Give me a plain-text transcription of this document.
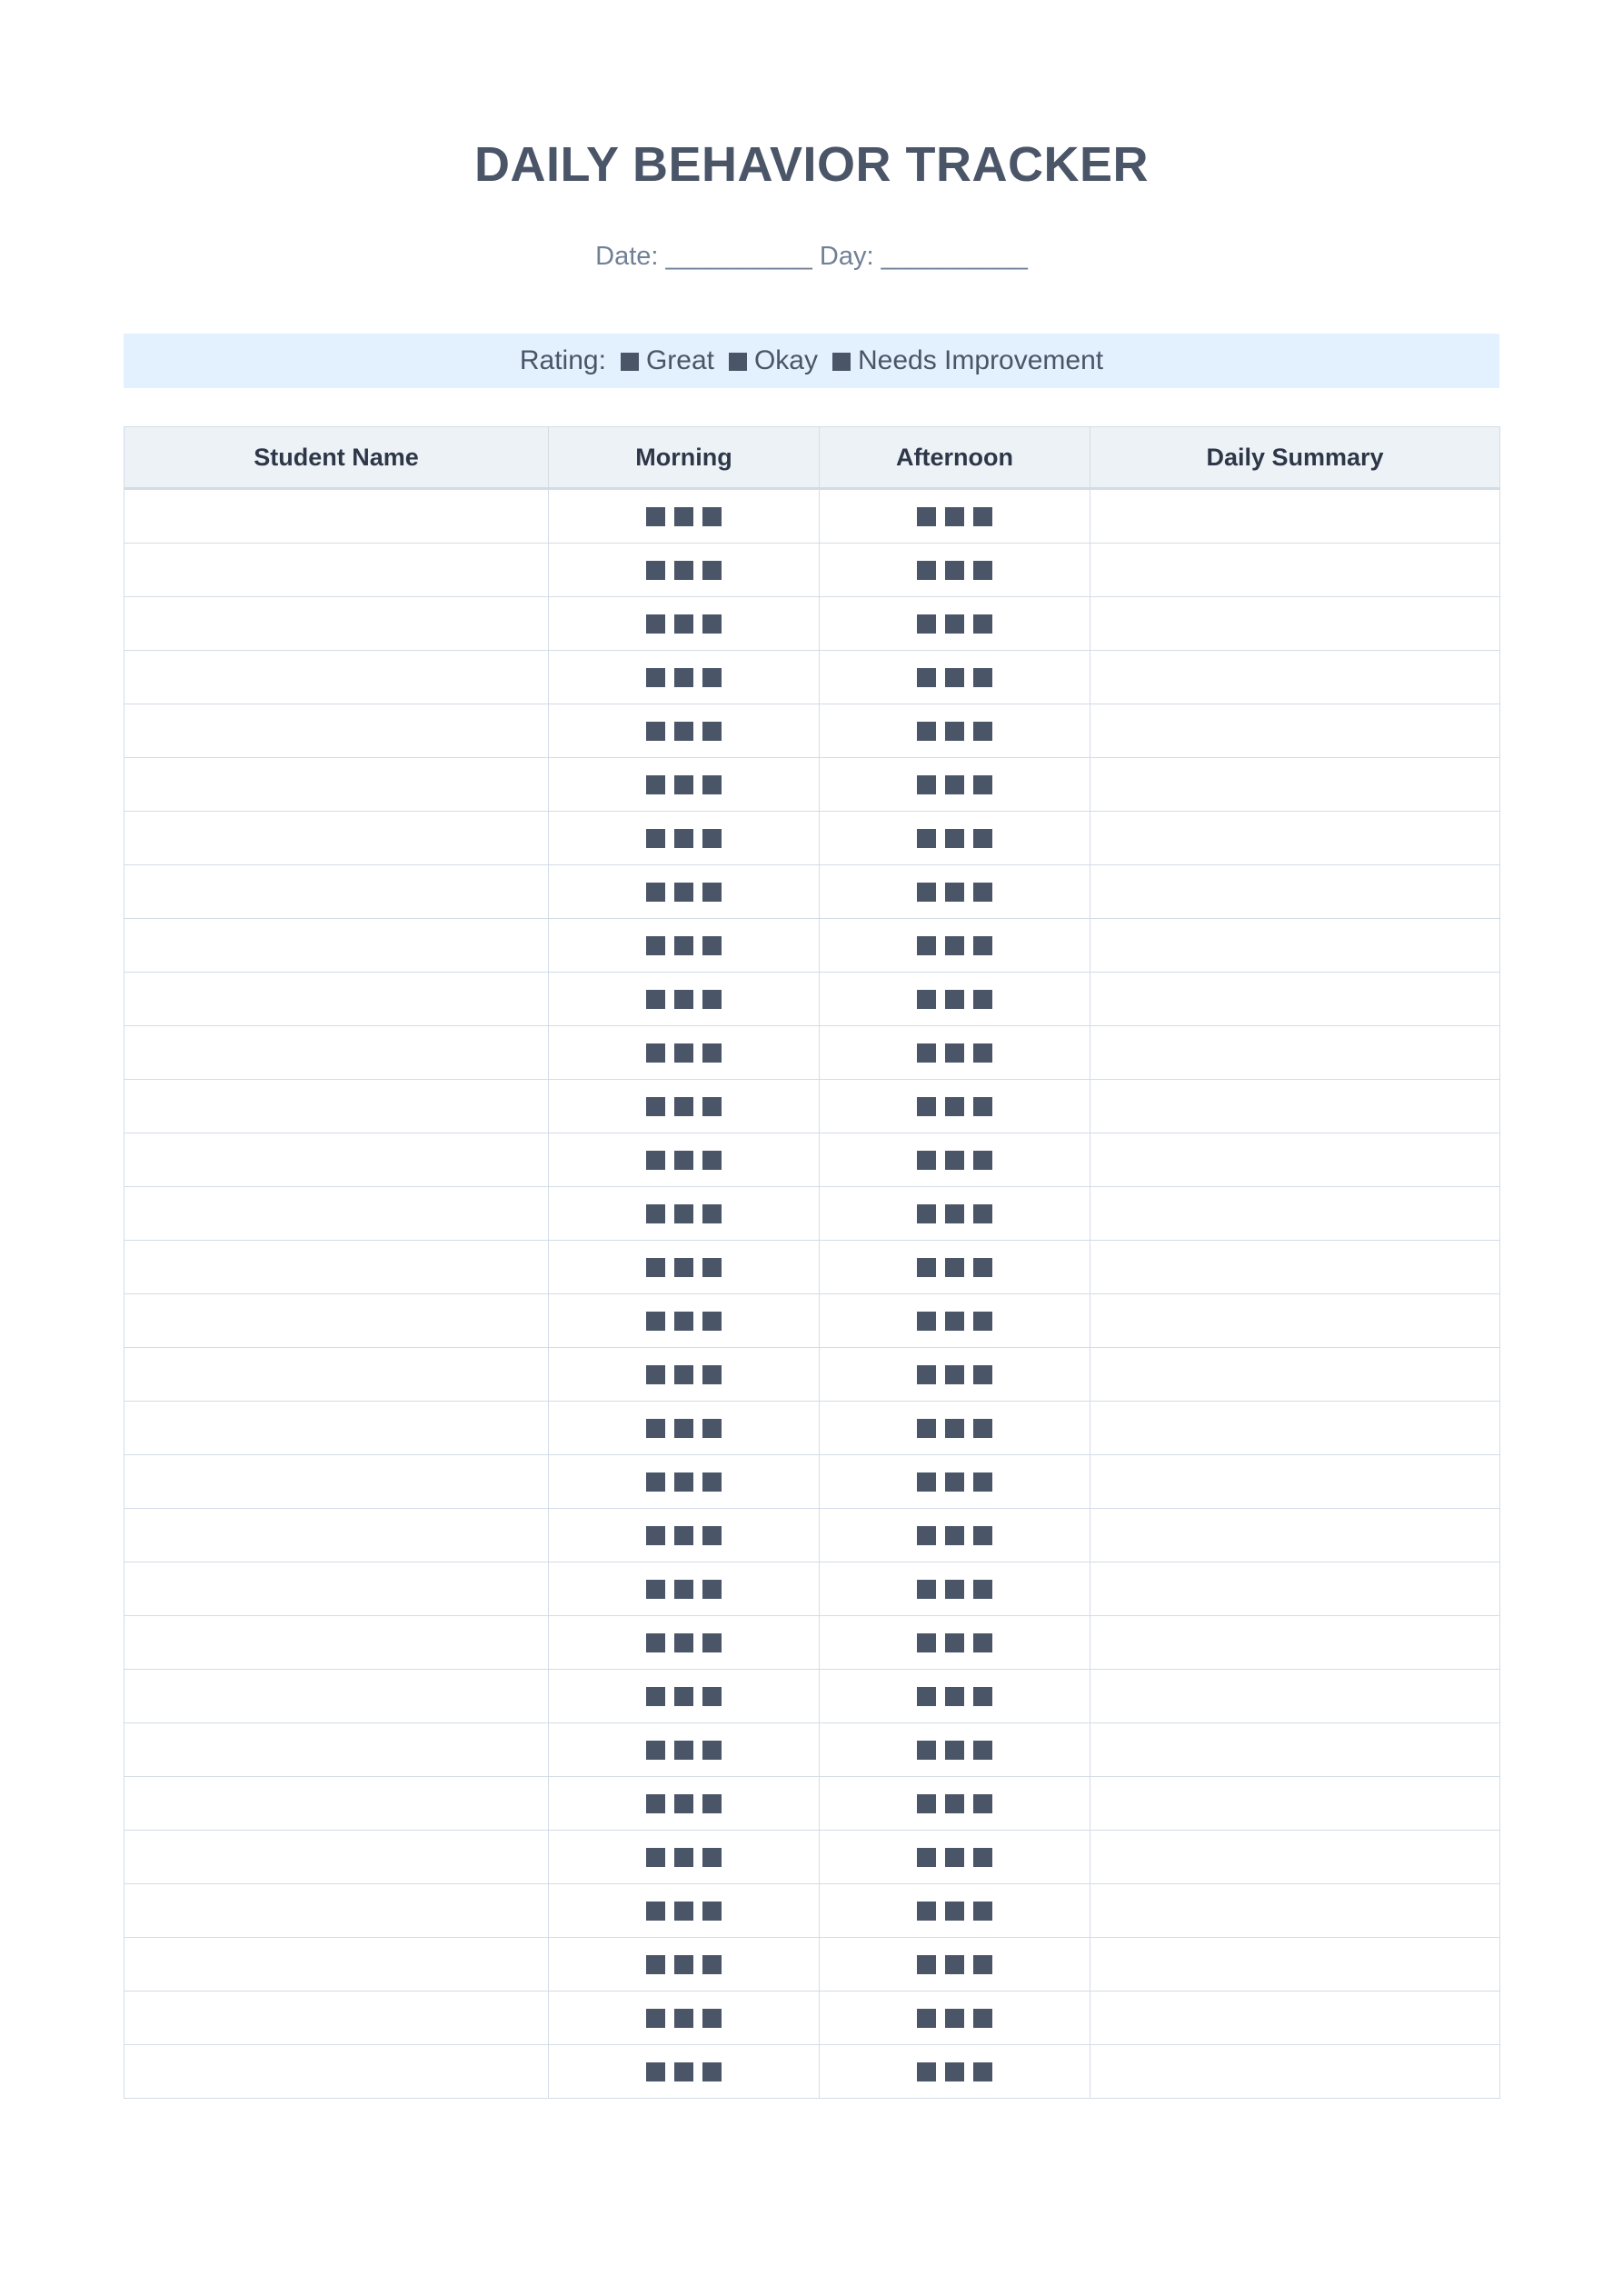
DAILY BEHAVIOR TRACKER
Date: __________ Day: __________
Rating: Great Okay Needs Improvement
Student Name	Morning	Afternoon	Daily Summary
